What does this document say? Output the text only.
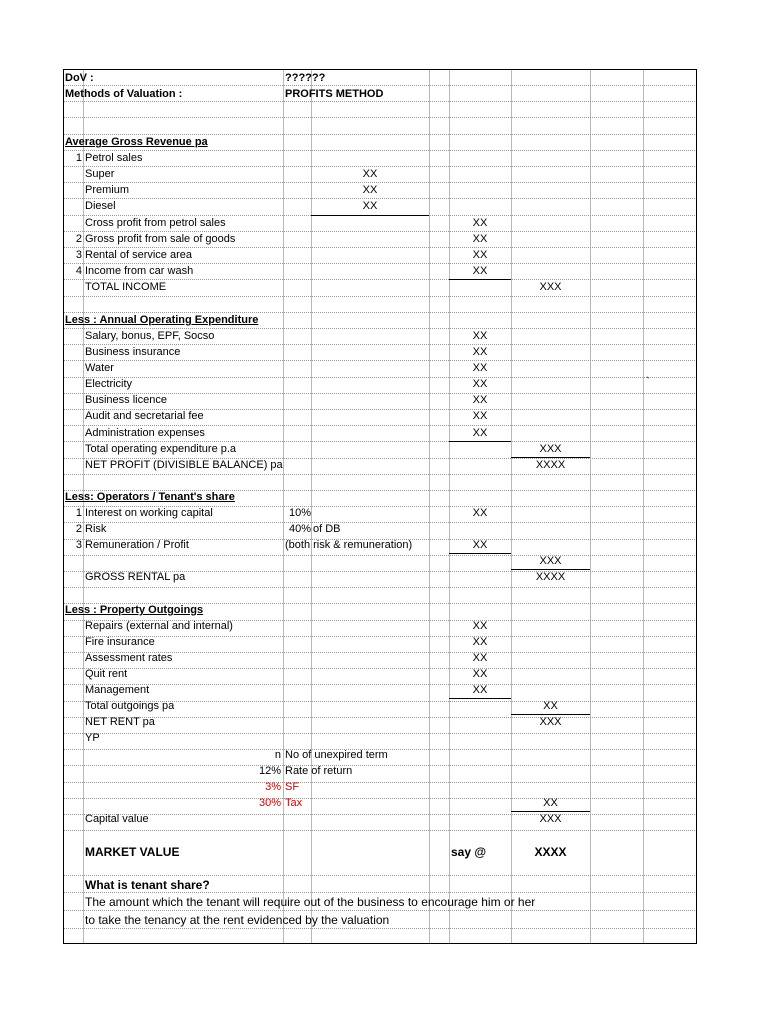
DoV :	??????
Methods of Valuation :	PROFITS METHOD
Average Gross Revenue pa
1 Petrol sales
Super	XX
Premium	XX
Diesel	XX
Cross profit from petrol sales	XX
2 Gross profit from sale of goods	XX
3 Rental of service area	XX
4 Income from car wash	XX
TOTAL INCOME	XXX
Less : Annual Operating Expenditure
Salary, bonus, EPF, Socso	XX
Business insurance	XX
Water	XX
Electricity	XX	`
Business licence	XX
Audit and secretarial fee	XX
Administration expenses	XX
Total operating expenditure p.a	XXX
NET PROFIT (DIVISIBLE BALANCE) pa	XXXX
Less: Operators / Tenant's share
1 Interest on working capital	10%	XX
2 Risk	40% of DB
3 Remuneration / Profit	(both risk & remuneration)	XX
XXX
GROSS RENTAL pa	XXXX
Less : Property Outgoings
Repairs (external and internal)	XX
Fire insurance	XX
Assessment rates	XX
Quit rent	XX
Management	XX
Total outgoings pa	XX
NET RENT pa	XXX
YP
n No of unexpired term
12% Rate of return
3% SF
30% Tax	XX
Capital value	XXX
MARKET VALUE	say @	XXXX
What is tenant share?
The amount which the tenant will require out of the business to encourage him or her
to take the tenancy at the rent evidenced by the valuation
